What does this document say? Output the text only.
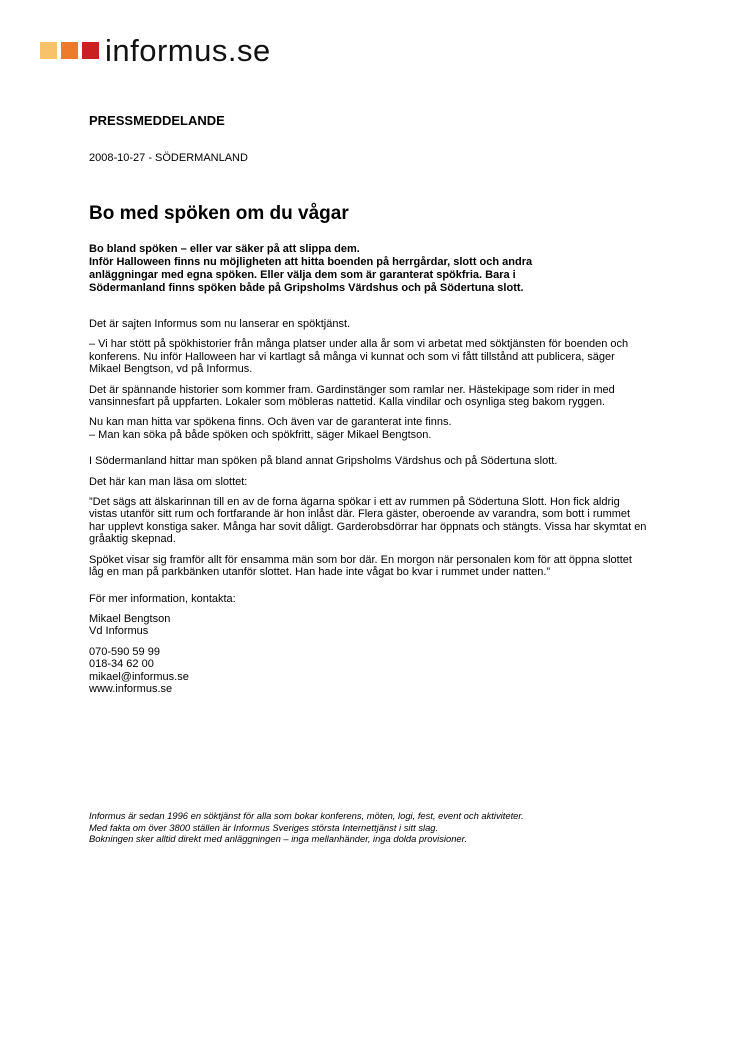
informus.se
PRESSMEDDELANDE
2008-10-27 - SÖDERMANLAND
Bo med spöken om du vågar
Bo bland spöken – eller var säker på att slippa dem.
Inför Halloween finns nu möjligheten att hitta boenden på herrgårdar, slott och andra
anläggningar med egna spöken. Eller välja dem som är garanterat spökfria. Bara i
Södermanland finns spöken både på Gripsholms Värdshus och på Södertuna slott.

Det är sajten Informus som nu lanserar en spöktjänst.

– Vi har stött på spökhistorier från många platser under alla år som vi arbetat med söktjänsten för boenden och konferens. Nu inför Halloween har vi kartlagt så många vi kunnat och som vi fått tillstånd att publicera, säger Mikael Bengtson, vd på Informus.

Det är spännande historier som kommer fram. Gardinstänger som ramlar ner. Hästekipage som rider in med vansinnesfart på uppfarten. Lokaler som möbleras nattetid. Kalla vindilar och osynliga steg bakom ryggen.

Nu kan man hitta var spökena finns. Och även var de garanterat inte finns.
– Man kan söka på både spöken och spökfritt, säger Mikael Bengtson.

I Södermanland hittar man spöken på bland annat Gripsholms Värdshus och på Södertuna slott.

Det här kan man läsa om slottet:

”Det sägs att älskarinnan till en av de forna ägarna spökar i ett av rummen på Södertuna Slott. Hon fick aldrig vistas utanför sitt rum och fortfarande är hon inlåst där. Flera gäster, oberoende av varandra, som bott i rummet har upplevt konstiga saker. Många har sovit dåligt. Garderobsdörrar har öppnats och stängts. Vissa har skymtat en gråaktig skepnad.

Spöket visar sig framför allt för ensamma män som bor där. En morgon när personalen kom för att öppna slottet låg en man på parkbänken utanför slottet. Han hade inte vågat bo kvar i rummet under natten.”

För mer information, kontakta:

Mikael Bengtson
Vd Informus

070-590 59 99
018-34 62 00
mikael@informus.se
www.informus.se

Informus är sedan 1996 en söktjänst för alla som bokar konferens, möten, logi, fest, event och aktiviteter.

Med fakta om över 3800 ställen är Informus Sveriges största Internettjänst i sitt slag.

Bokningen sker alltid direkt med anläggningen – inga mellanhänder, inga dolda provisioner.
